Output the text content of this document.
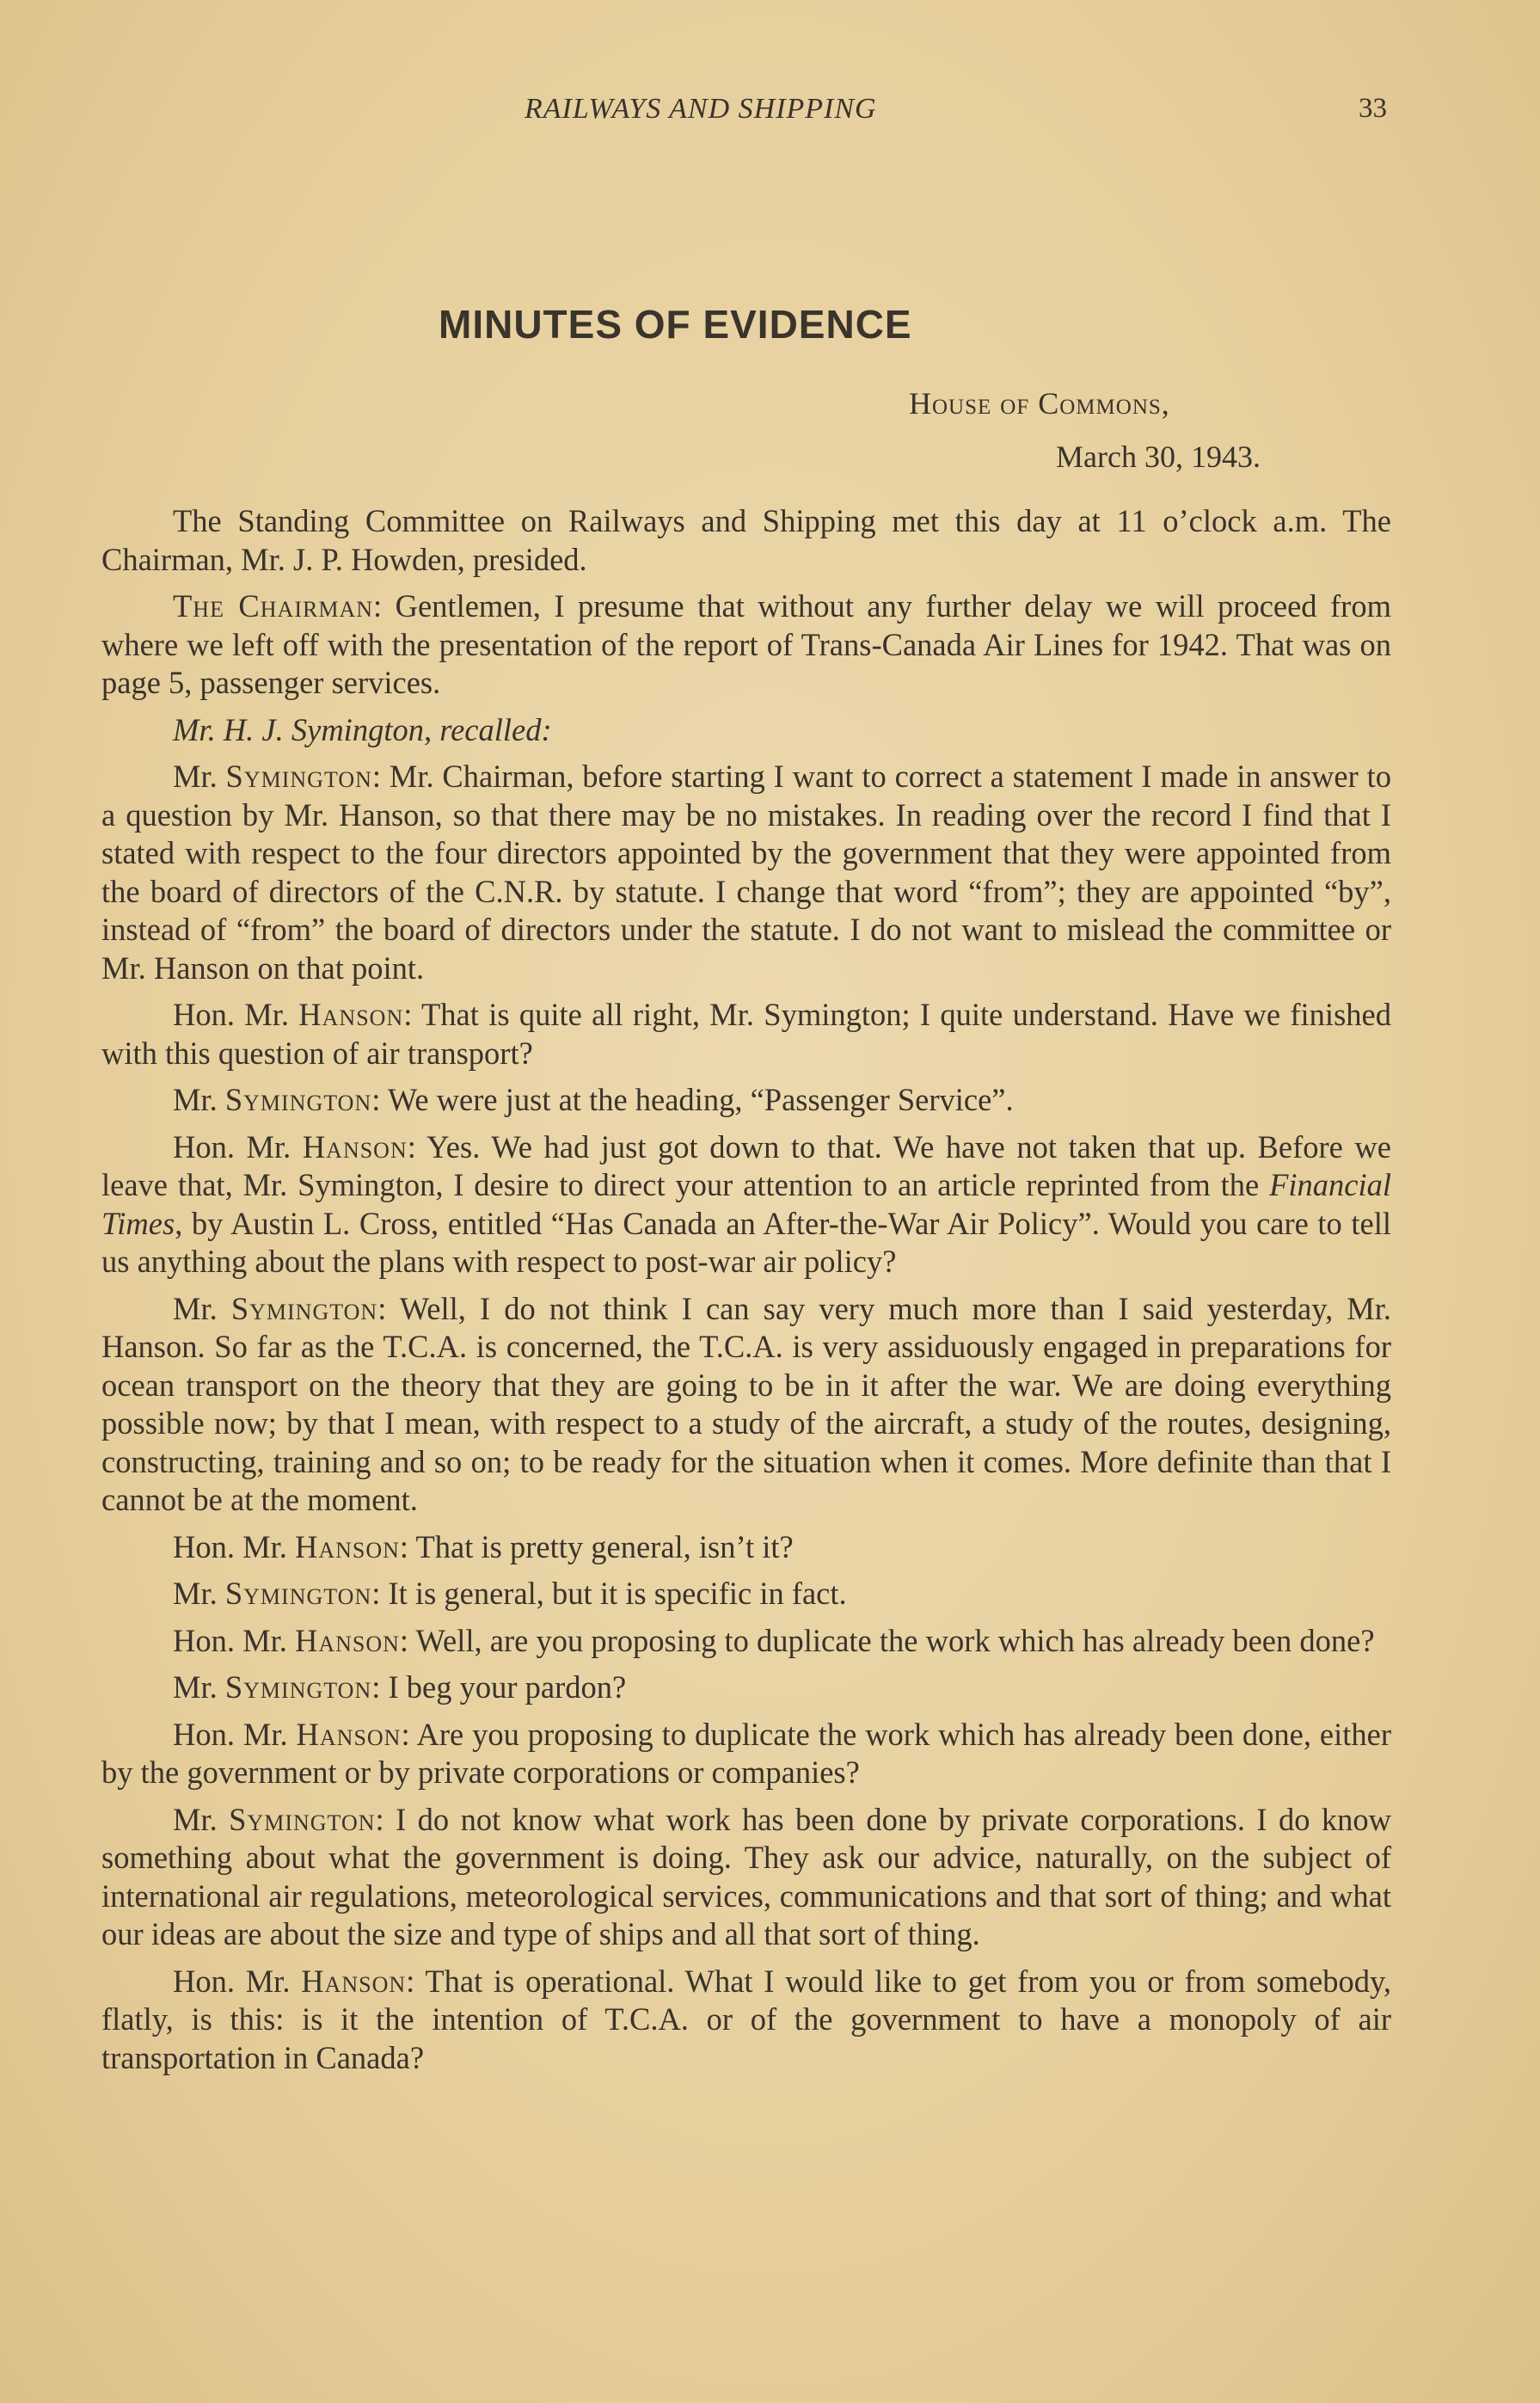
RAILWAYS AND SHIPPING	33
MINUTES OF EVIDENCE
House of Commons,
March 30, 1943.

The Standing Committee on Railways and Shipping met this day at 11 o’clock a.m. The Chairman, Mr. J. P. Howden, presided.

The Chairman: Gentlemen, I presume that without any further delay we will proceed from where we left off with the presentation of the report of Trans-Canada Air Lines for 1942. That was on page 5, passenger services.

Mr. H. J. Symington, recalled:

Mr. Symington: Mr. Chairman, before starting I want to correct a statement I made in answer to a question by Mr. Hanson, so that there may be no mistakes. In reading over the record I find that I stated with respect to the four directors appointed by the government that they were appointed from the board of directors of the C.N.R. by statute. I change that word “from”; they are appointed “by”, instead of “from” the board of directors under the statute. I do not want to mislead the committee or Mr. Hanson on that point.

Hon. Mr. Hanson: That is quite all right, Mr. Symington; I quite understand. Have we finished with this question of air transport?

Mr. Symington: We were just at the heading, “Passenger Service”.

Hon. Mr. Hanson: Yes. We had just got down to that. We have not taken that up. Before we leave that, Mr. Symington, I desire to direct your attention to an article reprinted from the Financial Times, by Austin L. Cross, entitled “Has Canada an After-the-War Air Policy”. Would you care to tell us anything about the plans with respect to post-war air policy?

Mr. Symington: Well, I do not think I can say very much more than I said yesterday, Mr. Hanson. So far as the T.C.A. is concerned, the T.C.A. is very assiduously engaged in preparations for ocean transport on the theory that they are going to be in it after the war. We are doing everything possible now; by that I mean, with respect to a study of the aircraft, a study of the routes, designing, constructing, training and so on; to be ready for the situation when it comes. More definite than that I cannot be at the moment.

Hon. Mr. Hanson: That is pretty general, isn’t it?

Mr. Symington: It is general, but it is specific in fact.

Hon. Mr. Hanson: Well, are you proposing to duplicate the work which has already been done?

Mr. Symington: I beg your pardon?

Hon. Mr. Hanson: Are you proposing to duplicate the work which has already been done, either by the government or by private corporations or companies?

Mr. Symington: I do not know what work has been done by private corporations. I do know something about what the government is doing. They ask our advice, naturally, on the subject of international air regulations, meteorological services, communications and that sort of thing; and what our ideas are about the size and type of ships and all that sort of thing.

Hon. Mr. Hanson: That is operational. What I would like to get from you or from somebody, flatly, is this: is it the intention of T.C.A. or of the government to have a monopoly of air transportation in Canada?
